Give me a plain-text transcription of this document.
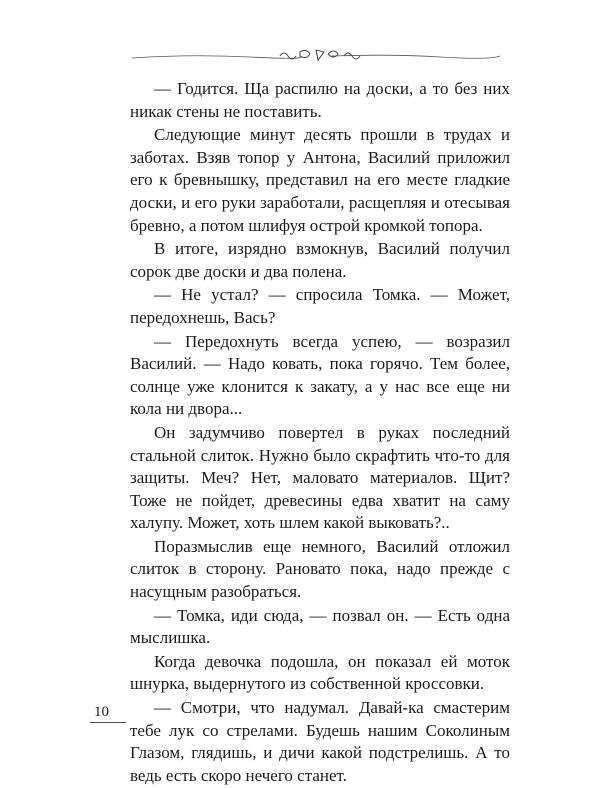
— Годится. Ща распилю на доски, а то без них никак стены не поставить.

Следующие минут десять прошли в трудах и заботах. Взяв топор у Антона, Василий приложил его к бревнышку, представил на его месте гладкие доски, и его руки заработали, расщепляя и отесывая бревно, а потом шлифуя острой кромкой топора.

В итоге, изрядно взмокнув, Василий получил сорок две доски и два полена.

— Не устал? — спросила Томка. — Может, передохнешь, Вась?

— Передохнуть всегда успею, — возразил Василий. — Надо ковать, пока горячо. Тем более, солнце уже клонится к закату, а у нас все еще ни кола ни двора...

Он задумчиво повертел в руках последний стальной слиток. Нужно было скрафтить что-то для защиты. Меч? Нет, маловато материалов. Щит? Тоже не пойдет, древесины едва хватит на саму халупу. Может, хоть шлем какой выковать?..

Поразмыслив еще немного, Василий отложил слиток в сторону. Рановато пока, надо прежде с насущным разобраться.

— Томка, иди сюда, — позвал он. — Есть одна мыслишка.

Когда девочка подошла, он показал ей моток шнурка, выдернутого из собственной кроссовки.

— Смотри, что надумал. Давай-ка смастерим тебе лук со стрелами. Будешь нашим Соколиным Глазом, глядишь, и дичи какой подстрелишь. А то ведь есть скоро нечего станет.

10
